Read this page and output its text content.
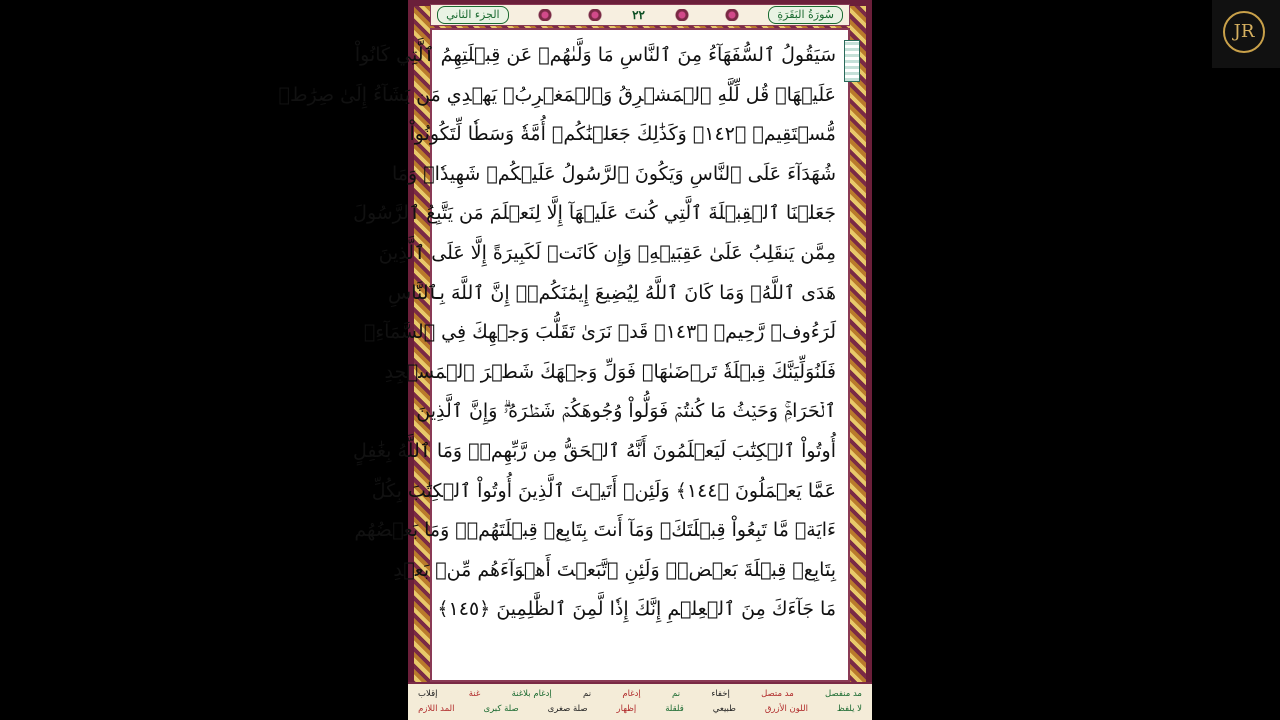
سُورَةُ البَقَرَةِ
٢٢
الجزء الثاني
سَيَقُولُ ٱلسُّفَهَآءُ مِنَ ٱلنَّاسِ مَا وَلَّىٰهُمۡ عَن قِبۡلَتِهِمُ ٱلَّتِي كَانُواْ
عَلَيۡهَاۚ قُل لِّلَّهِ ٱلۡمَشۡرِقُ وَٱلۡمَغۡرِبُۚ يَهۡدِي مَن يَشَآءُ إِلَىٰ صِرَٰطٖ
مُّسۡتَقِيمٖ ﴿١٤٢﴾ وَكَذَٰلِكَ جَعَلۡنَٰكُمۡ أُمَّةٗ وَسَطٗا لِّتَكُونُواْ
شُهَدَآءَ عَلَى ٱلنَّاسِ وَيَكُونَ ٱلرَّسُولُ عَلَيۡكُمۡ شَهِيدٗاۗ وَمَا
جَعَلۡنَا ٱلۡقِبۡلَةَ ٱلَّتِي كُنتَ عَلَيۡهَآ إِلَّا لِنَعۡلَمَ مَن يَتَّبِعُ ٱلرَّسُولَ
مِمَّن يَنقَلِبُ عَلَىٰ عَقِبَيۡهِۚ وَإِن كَانَتۡ لَكَبِيرَةً إِلَّا عَلَى ٱلَّذِينَ
هَدَى ٱللَّهُۗ وَمَا كَانَ ٱللَّهُ لِيُضِيعَ إِيمَٰنَكُمۡۚ إِنَّ ٱللَّهَ بِٱلنَّاسِ
لَرَءُوفٞ رَّحِيمٞ ﴿١٤٣﴾ قَدۡ نَرَىٰ تَقَلُّبَ وَجۡهِكَ فِي ٱلسَّمَآءِۖ
فَلَنُوَلِّيَنَّكَ قِبۡلَةٗ تَرۡضَىٰهَاۚ فَوَلِّ وَجۡهَكَ شَطۡرَ ٱلۡمَسۡجِدِ
ٱلۡحَرَامِۚ وَحَيۡثُ مَا كُنتُمۡ فَوَلُّواْ وُجُوهَكُمۡ شَطۡرَهُۥۗ وَإِنَّ ٱلَّذِينَ
أُوتُواْ ٱلۡكِتَٰبَ لَيَعۡلَمُونَ أَنَّهُ ٱلۡحَقُّ مِن رَّبِّهِمۡۗ وَمَا ٱللَّهُ بِغَٰفِلٍ
عَمَّا يَعۡمَلُونَ ﴿١٤٤﴾ وَلَئِنۡ أَتَيۡتَ ٱلَّذِينَ أُوتُواْ ٱلۡكِتَٰبَ بِكُلِّ
ءَايَةٖ مَّا تَبِعُواْ قِبۡلَتَكَۚ وَمَآ أَنتَ بِتَابِعٖ قِبۡلَتَهُمۡۚ وَمَا بَعۡضُهُم
بِتَابِعٖ قِبۡلَةَ بَعۡضٖۚ وَلَئِنِ ٱتَّبَعۡتَ أَهۡوَآءَهُم مِّنۢ بَعۡدِ
مَا جَآءَكَ مِنَ ٱلۡعِلۡمِ إِنَّكَ إِذٗا لَّمِنَ ٱلظَّٰلِمِينَ ﴿١٤٥﴾
مد منفصل
مد متصل
إخفاء
نم
إدغام
نم
إدغام بلاغنة
غنة
إقلاب
لا يلفظ
اللون الأزرق
طبيعي
قلقلة
إظهار
صلة صغرى
صلة كبرى
المد اللازم
JR
